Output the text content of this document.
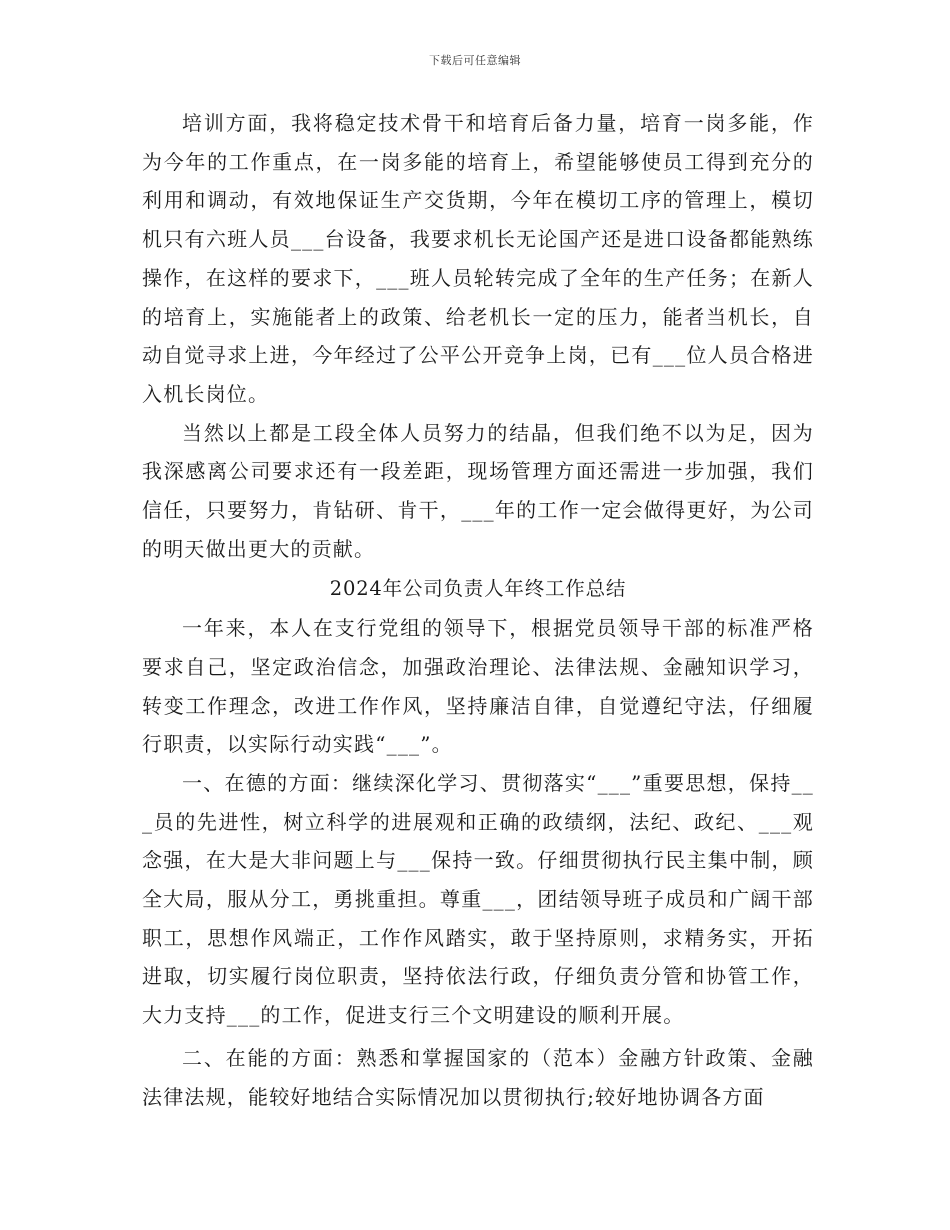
下载后可任意编辑

培训方面，我将稳定技术骨干和培育后备力量，培育一岗多能，作为今年的工作重点，在一岗多能的培育上，希望能够使员工得到充分的利用和调动，有效地保证生产交货期，今年在模切工序的管理上，模切机只有六班人员___台设备，我要求机长无论国产还是进口设备都能熟练操作，在这样的要求下，___班人员轮转完成了全年的生产任务；在新人的培育上，实施能者上的政策、给老机长一定的压力，能者当机长，自动自觉寻求上进，今年经过了公平公开竞争上岗，已有___位人员合格进入机长岗位。

当然以上都是工段全体人员努力的结晶，但我们绝不以为足，因为我深感离公司要求还有一段差距，现场管理方面还需进一步加强，我们信任，只要努力，肯钻研、肯干，___年的工作一定会做得更好，为公司的明天做出更大的贡献。

2024年公司负责人年终工作总结

一年来，本人在支行党组的领导下，根据党员领导干部的标准严格要求自己，坚定政治信念，加强政治理论、法律法规、金融知识学习，转变工作理念，改进工作作风，坚持廉洁自律，自觉遵纪守法，仔细履行职责，以实际行动实践“___”。

一、在德的方面：继续深化学习、贯彻落实“___”重要思想，保持___员的先进性，树立科学的进展观和正确的政绩纲，法纪、政纪、___观念强，在大是大非问题上与___保持一致。仔细贯彻执行民主集中制，顾全大局，服从分工，勇挑重担。尊重___，团结领导班子成员和广阔干部职工，思想作风端正，工作作风踏实，敢于坚持原则，求精务实，开拓进取，切实履行岗位职责，坚持依法行政，仔细负责分管和协管工作，大力支持___的工作，促进支行三个文明建设的顺利开展。

二、在能的方面：熟悉和掌握国家的（范本）金融方针政策、金融法律法规，能较好地结合实际情况加以贯彻执行;较好地协调各方面
